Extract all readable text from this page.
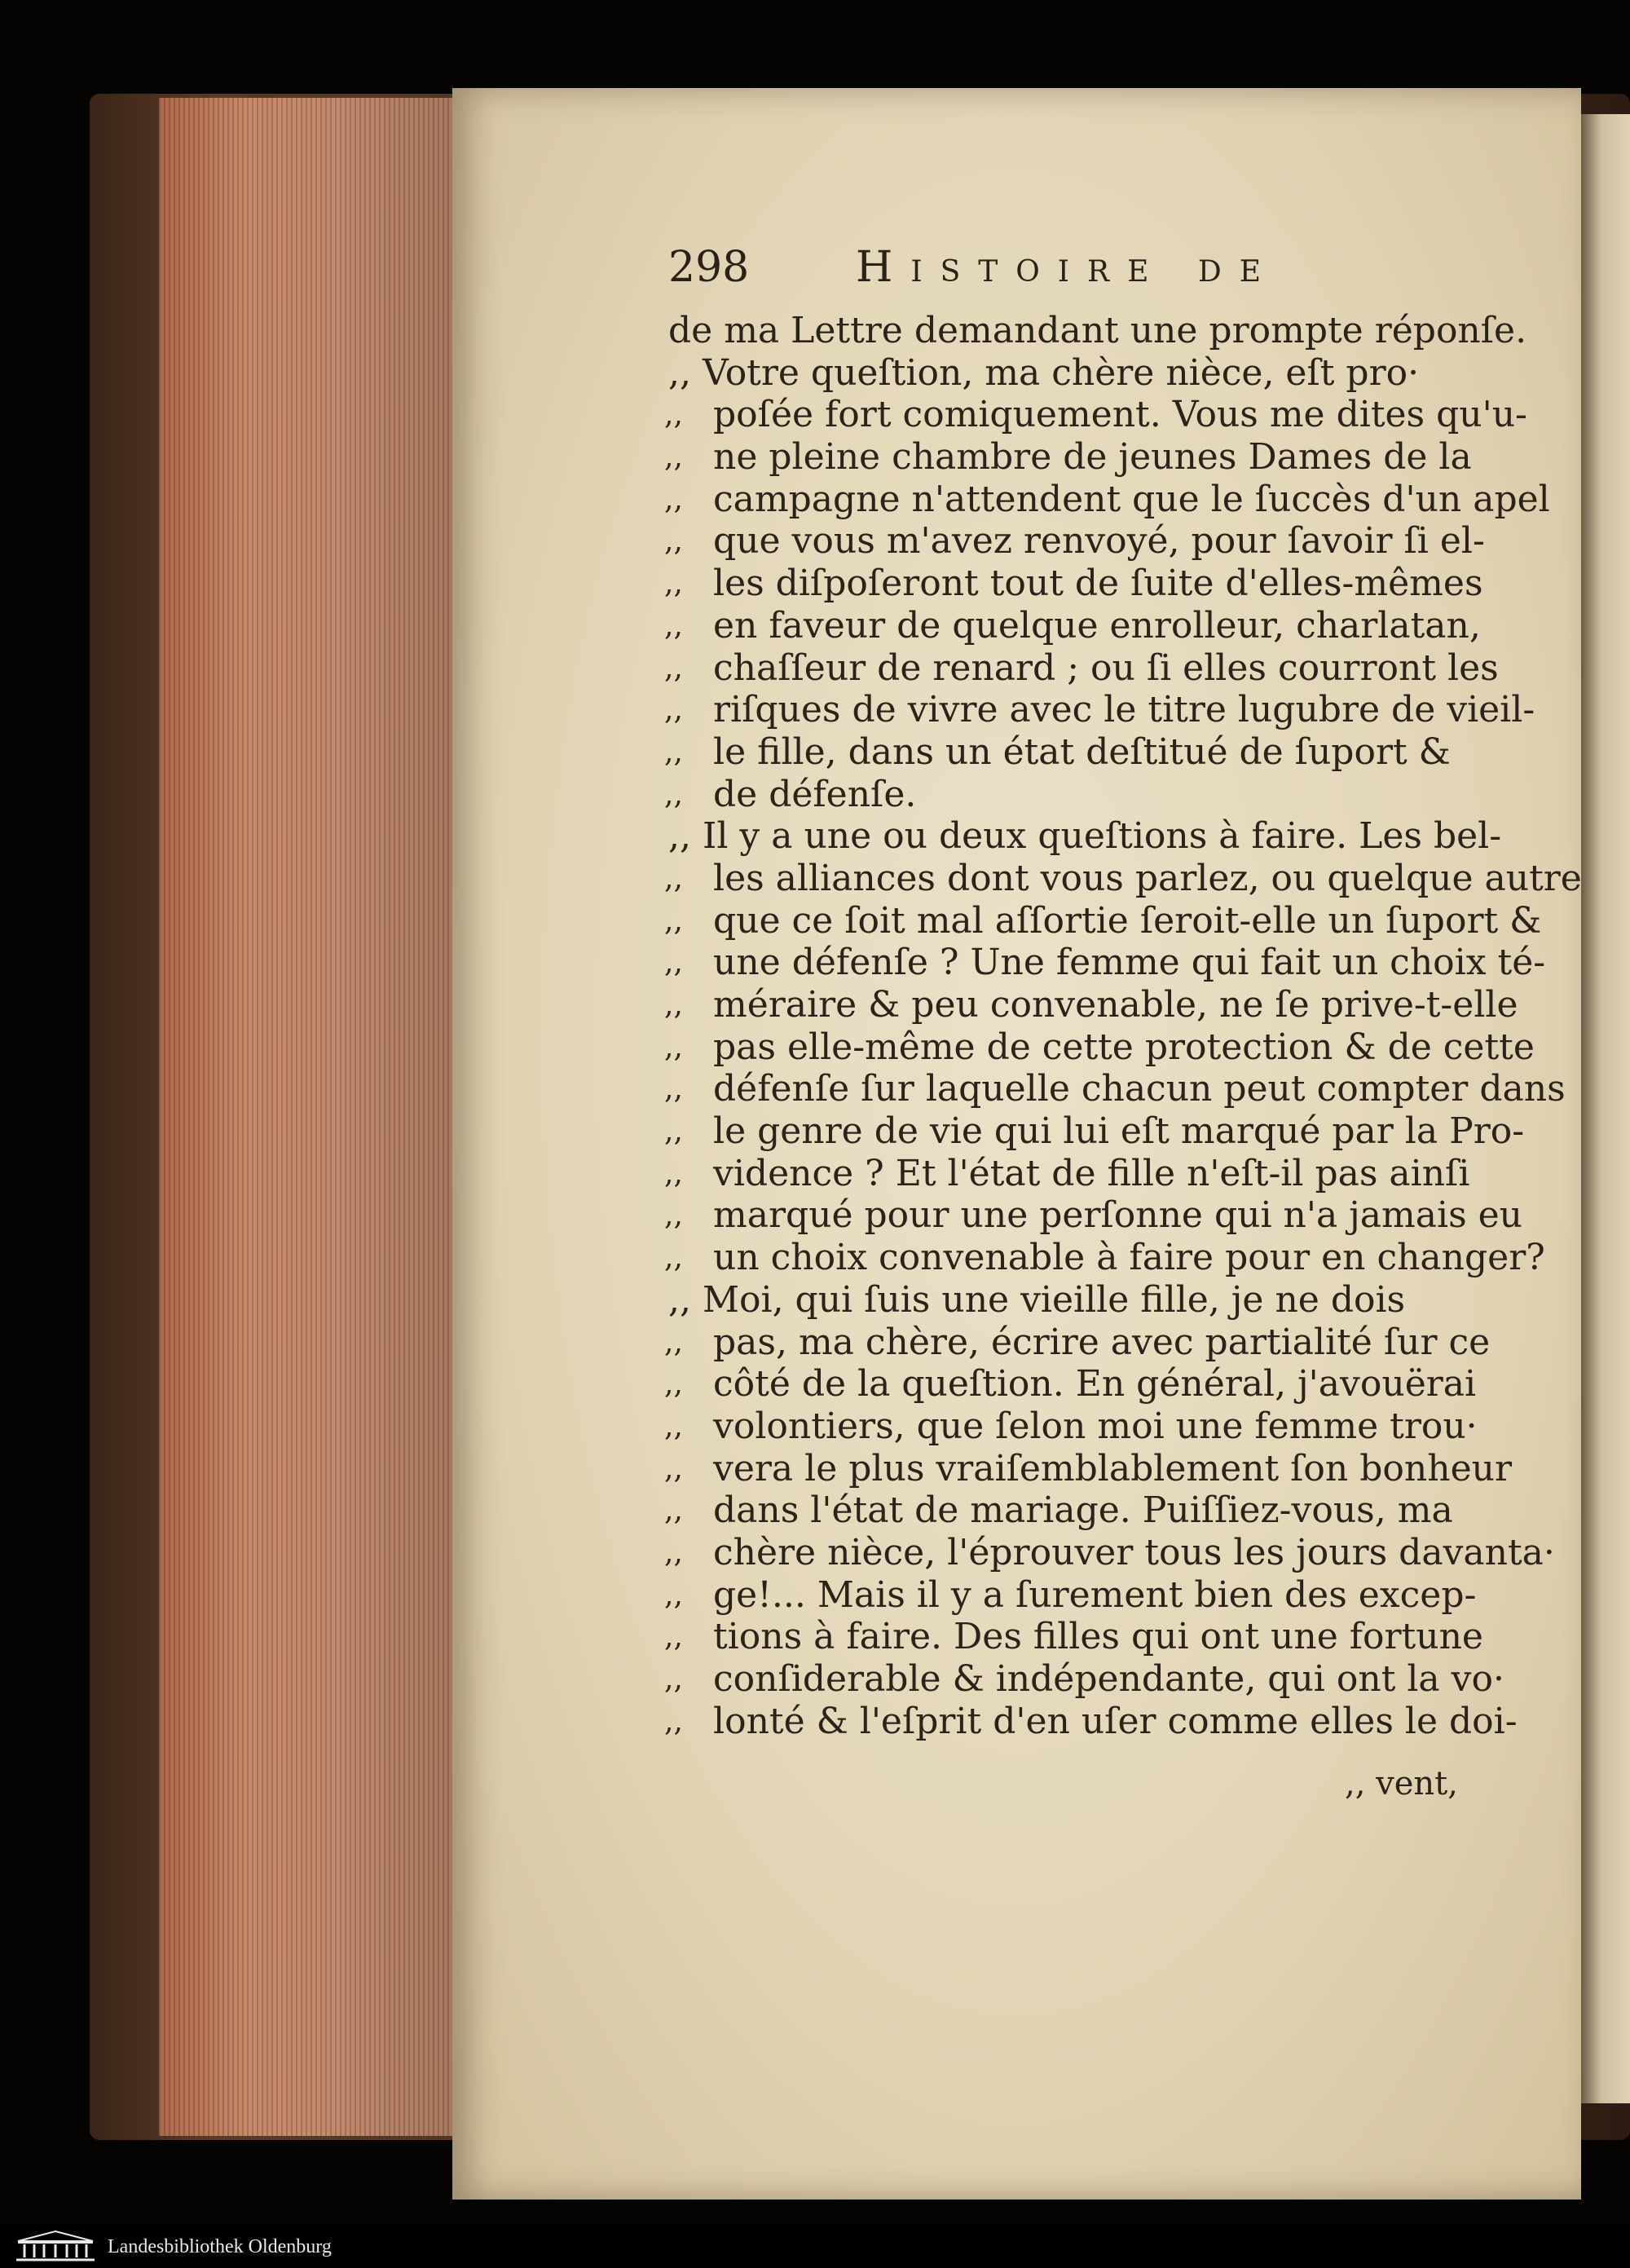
298	Histoire de
de ma Lettre demandant une prompte réponſe.
,, Votre queſtion, ma chère nièce, eſt pro·
,, poſée fort comiquement. Vous me dites qu'u-
,, ne pleine chambre de jeunes Dames de la
,, campagne n'attendent que le ſuccès d'un apel
,, que vous m'avez renvoyé, pour ſavoir ſi el-
,, les diſpoſeront tout de ſuite d'elles-mêmes
,, en faveur de quelque enrolleur, charlatan,
,, chaſſeur de renard ; ou ſi elles courront les
,, riſques de vivre avec le titre lugubre de vieil-
,, le fille, dans un état deſtitué de ſuport &
,, de défenſe.
,, Il y a une ou deux queſtions à faire. Les bel-
,, les alliances dont vous parlez, ou quelque autre
,, que ce ſoit mal aſſortie ſeroit-elle un ſuport &
,, une défenſe ? Une femme qui fait un choix té-
,, méraire & peu convenable, ne ſe prive-t-elle
,, pas elle-même de cette protection & de cette
,, défenſe ſur laquelle chacun peut compter dans
,, le genre de vie qui lui eſt marqué par la Pro-
,, vidence ? Et l'état de fille n'eſt-il pas ainſi
,, marqué pour une perſonne qui n'a jamais eu
,, un choix convenable à faire pour en changer?
,, Moi, qui ſuis une vieille fille, je ne dois
,, pas, ma chère, écrire avec partialité ſur ce
,, côté de la queſtion. En général, j'avouërai
,, volontiers, que ſelon moi une femme trou·
,, vera le plus vraiſemblablement ſon bonheur
,, dans l'état de mariage. Puiſſiez-vous, ma
,, chère nièce, l'éprouver tous les jours davanta·
,, ge!... Mais il y a ſurement bien des excep-
,, tions à faire. Des filles qui ont une fortune
,, conſiderable & indépendante, qui ont la vo·
,, lonté & l'eſprit d'en uſer comme elles le doi-
,, vent,
Landesbibliothek Oldenburg
